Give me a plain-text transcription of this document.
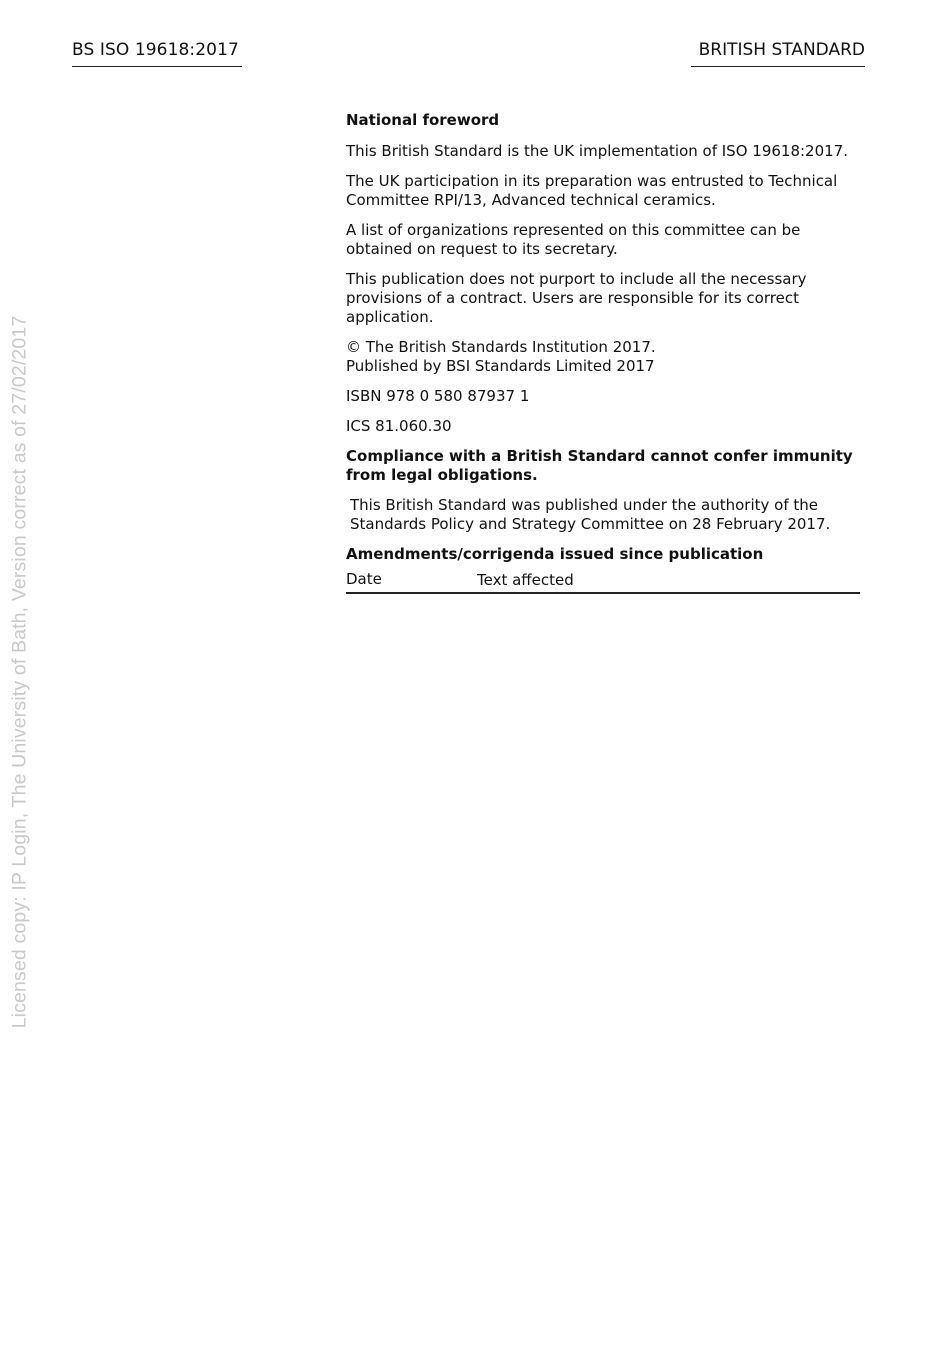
BS ISO 19618:2017	BRITISH STANDARD
Licensed copy: IP Login, The University of Bath, Version correct as of 27/02/2017

National foreword

This British Standard is the UK implementation of ISO 19618:2017.

The UK participation in its preparation was entrusted to Technical Committee RPI/13, Advanced technical ceramics.

A list of organizations represented on this committee can be obtained on request to its secretary.

This publication does not purport to include all the necessary provisions of a contract. Users are responsible for its correct application.

© The British Standards Institution 2017.
Published by BSI Standards Limited 2017

ISBN 978 0 580 87937 1

ICS 81.060.30

Compliance with a British Standard cannot confer immunity from legal obligations.

This British Standard was published under the authority of the Standards Policy and Strategy Committee on 28 February 2017.

Amendments/corrigenda issued since publication

Date	Text affected
